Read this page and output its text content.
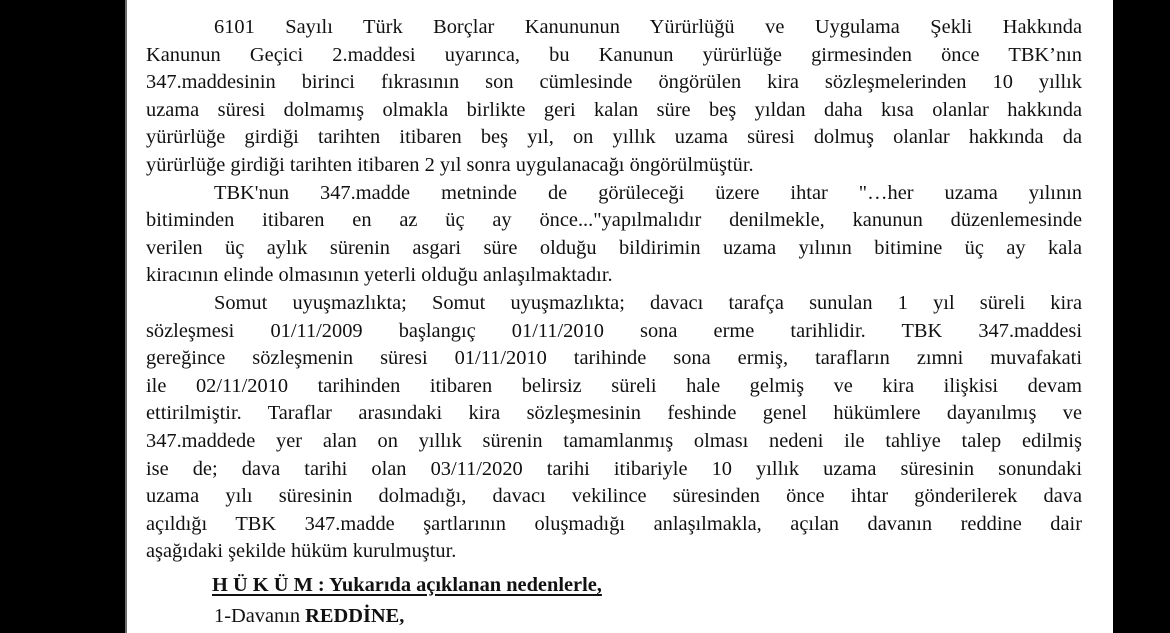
6101 Sayılı Türk Borçlar Kanununun Yürürlüğü ve Uygulama Şekli Hakkında
Kanunun Geçici 2.maddesi uyarınca, bu Kanunun yürürlüğe girmesinden önce TBK’nın
347.maddesinin birinci fıkrasının son cümlesinde öngörülen kira sözleşmelerinden 10 yıllık
uzama süresi dolmamış olmakla birlikte geri kalan süre beş yıldan daha kısa olanlar hakkında
yürürlüğe girdiği tarihten itibaren beş yıl, on yıllık uzama süresi dolmuş olanlar hakkında da
yürürlüğe girdiği tarihten itibaren 2 yıl sonra uygulanacağı öngörülmüştür.
TBK'nun 347.madde metninde de görüleceği üzere ihtar "…her uzama yılının
bitiminden itibaren en az üç ay önce..."yapılmalıdır denilmekle, kanunun düzenlemesinde
verilen üç aylık sürenin asgari süre olduğu bildirimin uzama yılının bitimine üç ay kala
kiracının elinde olmasının yeterli olduğu anlaşılmaktadır.
Somut uyuşmazlıkta; Somut uyuşmazlıkta; davacı tarafça sunulan 1 yıl süreli kira
sözleşmesi 01/11/2009 başlangıç 01/11/2010 sona erme tarihlidir. TBK 347.maddesi
gereğince sözleşmenin süresi 01/11/2010 tarihinde sona ermiş, tarafların zımni muvafakati
ile 02/11/2010 tarihinden itibaren belirsiz süreli hale gelmiş ve kira ilişkisi devam
ettirilmiştir. Taraflar arasındaki kira sözleşmesinin feshinde genel hükümlere dayanılmış ve
347.maddede yer alan on yıllık sürenin tamamlanmış olması nedeni ile tahliye talep edilmiş
ise de; dava tarihi olan 03/11/2020 tarihi itibariyle 10 yıllık uzama süresinin sonundaki
uzama yılı süresinin dolmadığı, davacı vekilince süresinden önce ihtar gönderilerek dava
açıldığı TBK 347.madde şartlarının oluşmadığı anlaşılmakla, açılan davanın reddine dair
aşağıdaki şekilde hüküm kurulmuştur.
H Ü K Ü M : Yukarıda açıklanan nedenlerle,
1-Davanın REDDİNE,
